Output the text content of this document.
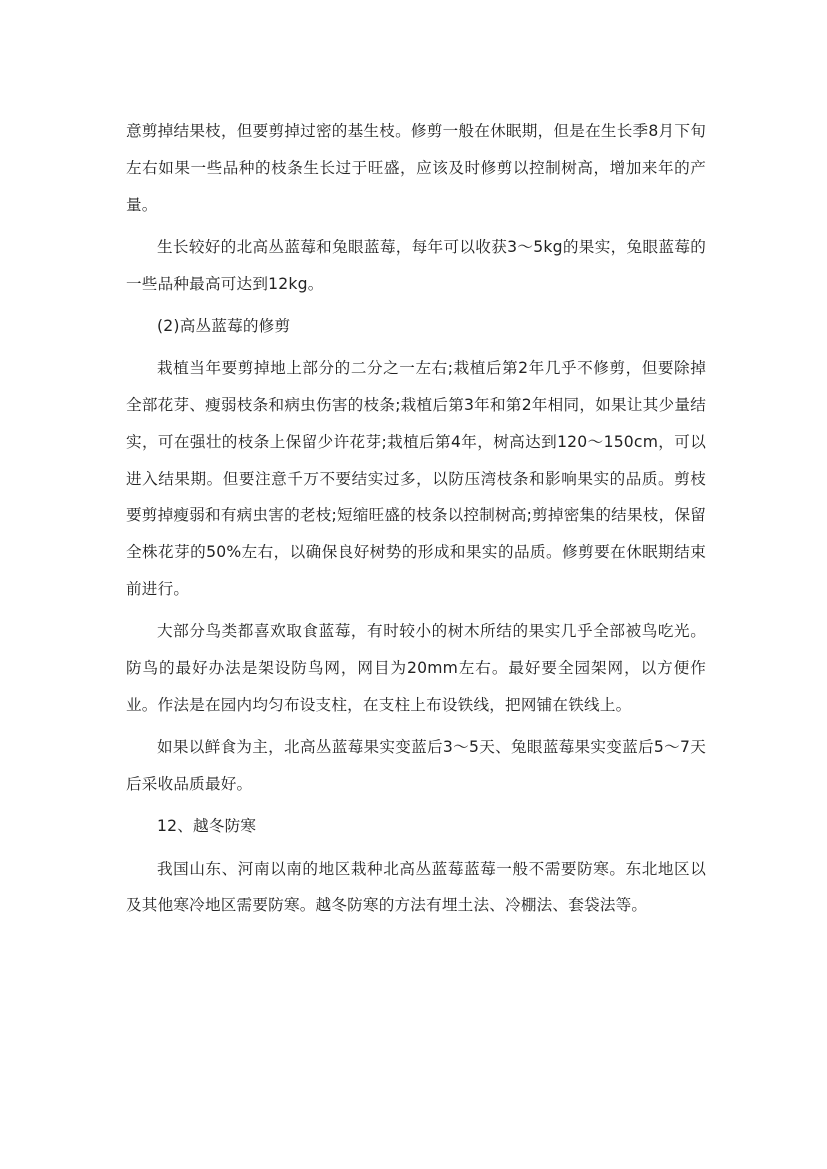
意剪掉结果枝，但要剪掉过密的基生枝。修剪一般在休眠期，但是在生长季8月下旬左右如果一些品种的枝条生长过于旺盛，应该及时修剪以控制树高，增加来年的产量。

生长较好的北高丛蓝莓和兔眼蓝莓，每年可以收获3～5kg的果实，兔眼蓝莓的一些品种最高可达到12kg。

(2)高丛蓝莓的修剪

栽植当年要剪掉地上部分的二分之一左右;栽植后第2年几乎不修剪，但要除掉全部花芽、瘦弱枝条和病虫伤害的枝条;栽植后第3年和第2年相同，如果让其少量结实，可在强壮的枝条上保留少许花芽;栽植后第4年，树高达到120～150cm，可以进入结果期。但要注意千万不要结实过多，以防压湾枝条和影响果实的品质。剪枝要剪掉瘦弱和有病虫害的老枝;短缩旺盛的枝条以控制树高;剪掉密集的结果枝，保留全株花芽的50%左右，以确保良好树势的形成和果实的品质。修剪要在休眠期结束前进行。

大部分鸟类都喜欢取食蓝莓，有时较小的树木所结的果实几乎全部被鸟吃光。防鸟的最好办法是架设防鸟网，网目为20mm左右。最好要全园架网，以方便作业。作法是在园内均匀布设支柱，在支柱上布设铁线，把网铺在铁线上。

如果以鲜食为主，北高丛蓝莓果实变蓝后3～5天、兔眼蓝莓果实变蓝后5～7天后采收品质最好。

12、越冬防寒

我国山东、河南以南的地区栽种北高丛蓝莓蓝莓一般不需要防寒。东北地区以及其他寒冷地区需要防寒。越冬防寒的方法有埋土法、冷棚法、套袋法等。
